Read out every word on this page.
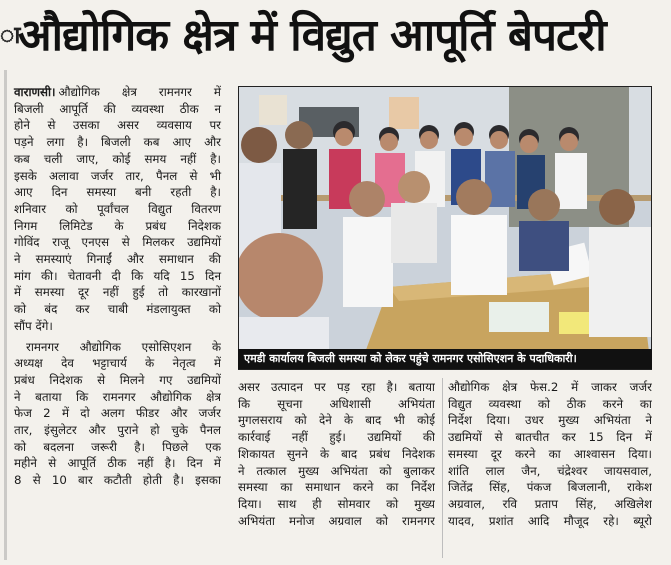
ा
औद्योगिक क्षेत्र में विद्युत आपूर्ति बेपटरी
वाराणसी। औद्योगिक क्षेत्र रामनगर में
बिजली आपूर्ति की व्यवस्था ठीक न
होने से उसका असर व्यवसाय पर
पड़ने लगा है। बिजली कब आए और
कब चली जाए, कोई समय नहीं है।
इसके अलावा जर्जर तार, पैनल से भी
आए दिन समस्या बनी रहती है।
शनिवार को पूर्वांचल विद्युत वितरण
निगम लिमिटेड के प्रबंध निदेशक
गोविंद राजू एनएस से मिलकर उद्यमियों
ने समस्याएं गिनाईं और समाधान की
मांग की। चेतावनी दी कि यदि 15 दिन
में समस्या दूर नहीं हुई तो कारखानों
को बंद कर चाबी मंडलायुक्त को
सौंप देंगे।
रामनगर औद्योगिक एसोसिएशन के
अध्यक्ष देव भट्टाचार्य के नेतृत्व में
प्रबंध निदेशक से मिलने गए उद्यमियों
ने बताया कि रामनगर औद्योगिक क्षेत्र
फेज 2 में दो अलग फीडर और जर्जर
तार, इंसुलेटर और पुराने हो चुके पैनल
को बदलना जरूरी है। पिछले एक
महीने से आपूर्ति ठीक नहीं है। दिन में
8 से 10 बार कटौती होती है। इसका
एमडी कार्यालय बिजली समस्या को लेकर पहुंचे रामनगर एसोसिएशन के पदाधिकारी।
असर उत्पादन पर पड़ रहा है। बताया
कि सूचना अधिशासी अभियंता
मुगलसराय को देने के बाद भी कोई
कार्रवाई नहीं हुई। उद्यमियों की
शिकायत सुनने के बाद प्रबंध निदेशक
ने तत्काल मुख्य अभियंता को बुलाकर
समस्या का समाधान करने का निर्देश
दिया। साथ ही सोमवार को मुख्य
अभियंता मनोज अग्रवाल को रामनगर
औद्योगिक क्षेत्र फेस.2 में जाकर जर्जर
विद्युत व्यवस्था को ठीक करने का
निर्देश दिया। उधर मुख्य अभियंता ने
उद्यमियों से बातचीत कर 15 दिन में
समस्या दूर करने का आश्वासन दिया।
शांति लाल जैन, चंद्रेश्वर जायसवाल,
जितेंद्र सिंह, पंकज बिजलानी, राकेश
अग्रवाल, रवि प्रताप सिंह, अखिलेश
यादव, प्रशांत आदि मौजूद रहे। ब्यूरो
